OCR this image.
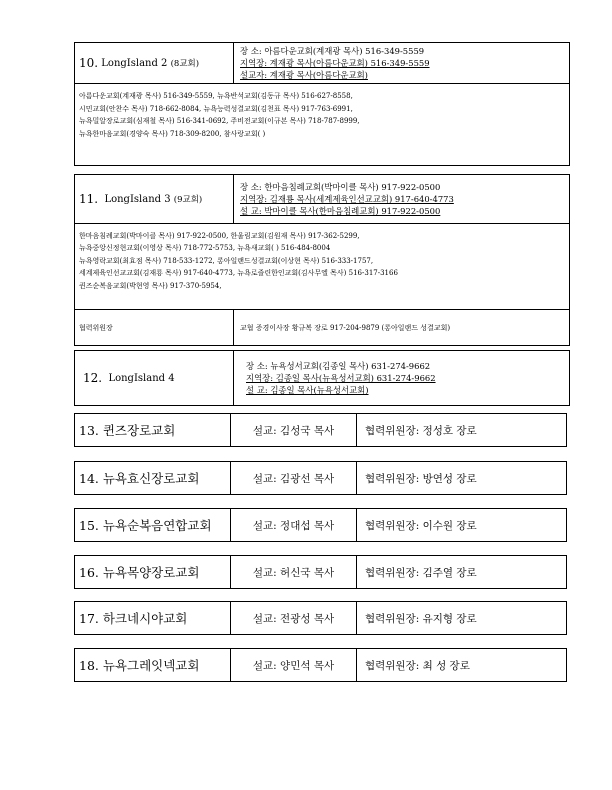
10.
LongIsland 2
(8교회)
장 소: 아름다운교회(계재광 목사) 516-349-5559
지역장: 계재광 목사(아름다운교회) 516-349-5559
설교자: 계재광 목사(아름다운교회)
아름다운교회(계재광 목사) 516-349-5559, 뉴욕반석교회(김동규 목사) 516-627-8558,
시민교회(안찬수 목사) 718-662-8084, 뉴욕능력성결교회(김천표 목사) 917-763-6991,
뉴욕밀알장로교회(심재철 목사) 516-341-0692, 주비전교회(이규본 목사) 718-787-8999,
뉴욕한마음교회(경양숙 목사) 718-309-8200, 참사랑교회( )
11.
LongIsland 3
(9교회)
장 소: 한마음침례교회(박마이클 목사) 917-922-0500
지역장: 김재룡 목사(세계제육인선교교회) 917-640-4773
설 교: 박마이클 목사(한마음침례교회) 917-922-0500
한마음침례교회(박마이클 목사) 917-922-0500, 한울림교회(김원재 목사) 917-362-5299,
뉴욕중앙신정현교회(이영상 목사) 718-772-5753, 뉴욕새교회( ) 516-484-8004
뉴욕영락교회(최효점 목사) 718-533-1272, 롱아일랜드성결교회(이상현 목사) 516-333-1757,
세계제육인선교교회(김재룡 목사) 917-640-4773, 뉴욕로즐린한인교회(김사무엘 목사) 516-317-3166
퀸즈순복음교회(박현영 목사) 917-370-5954,
협력위원장	교협 증경이사장 황규복 장로 917-204-9879 (롱아일랜드 성결교회)
12.
LongIsland 4
장 소: 뉴욕성서교회(김종일 목사) 631-274-9662
지역장: 김종일 목사(뉴욕성서교회) 631-274-9662
설 교: 김종일 목사(뉴욕성서교회)
13. 퀸즈장로교회	설교: 김성국 목사	협력위원장: 정성호 장로
14. 뉴욕효신장로교회	설교: 김광선 목사	협력위원장: 방연성 장로
15. 뉴욕순복음연합교회	설교: 정대섭 목사	협력위원장: 이수원 장로
16. 뉴욕목양장로교회	설교: 허신국 목사	협력위원장: 김주열 장로
17. 하크네시야교회	설교: 전광성 목사	협력위원장: 유지형 장로
18. 뉴욕그레잇넥교회	설교: 양민석 목사	협력위원장: 최 성 장로
